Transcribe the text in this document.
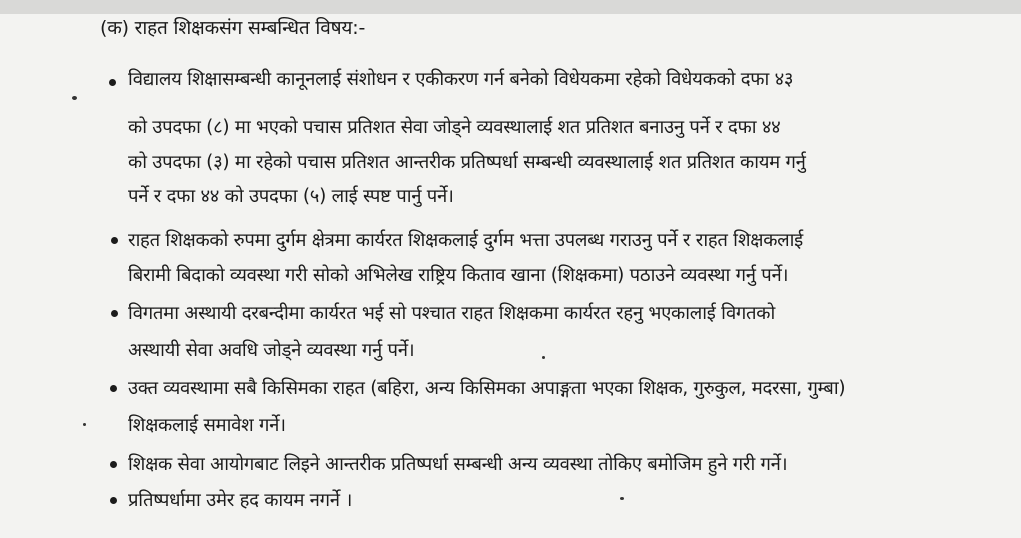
(क) राहत शिक्षकसंग सम्बन्धित विषय:-
विद्यालय शिक्षासम्बन्धी कानूनलाई संशोधन र एकीकरण गर्न बनेको विधेयकमा रहेको विधेयकको दफा ४३
को उपदफा (८) मा भएको पचास प्रतिशत सेवा जोड्ने व्यवस्थालाई शत प्रतिशत बनाउनु पर्ने र दफा ४४
को उपदफा (३) मा रहेको पचास प्रतिशत आन्तरीक प्रतिष्पर्धा सम्बन्धी व्यवस्थालाई शत प्रतिशत कायम गर्नु
पर्ने र दफा ४४ को उपदफा (५) लाई स्पष्ट पार्नु पर्ने।
राहत शिक्षकको रुपमा दुर्गम क्षेत्रमा कार्यरत शिक्षकलाई दुर्गम भत्ता उपलब्ध गराउनु पर्ने र राहत शिक्षकलाई
बिरामी बिदाको व्यवस्था गरी सोको अभिलेख राष्ट्रिय किताव खाना (शिक्षकमा) पठाउने व्यवस्था गर्नु पर्ने।
विगतमा अस्थायी दरबन्दीमा कार्यरत भई सो पश्चात राहत शिक्षकमा कार्यरत रहनु भएकालाई विगतको
अस्थायी सेवा अवधि जोड्ने व्यवस्था गर्नु पर्ने।
उक्त व्यवस्थामा सबै किसिमका राहत (बहिरा, अन्य किसिमका अपाङ्गता भएका शिक्षक, गुरुकुल, मदरसा, गुम्बा)
शिक्षकलाई समावेश गर्ने।
शिक्षक सेवा आयोगबाट लिइने आन्तरीक प्रतिष्पर्धा सम्बन्धी अन्य व्यवस्था तोकिए बमोजिम हुने गरी गर्ने।
प्रतिष्पर्धामा उमेर हद कायम नगर्ने ।
